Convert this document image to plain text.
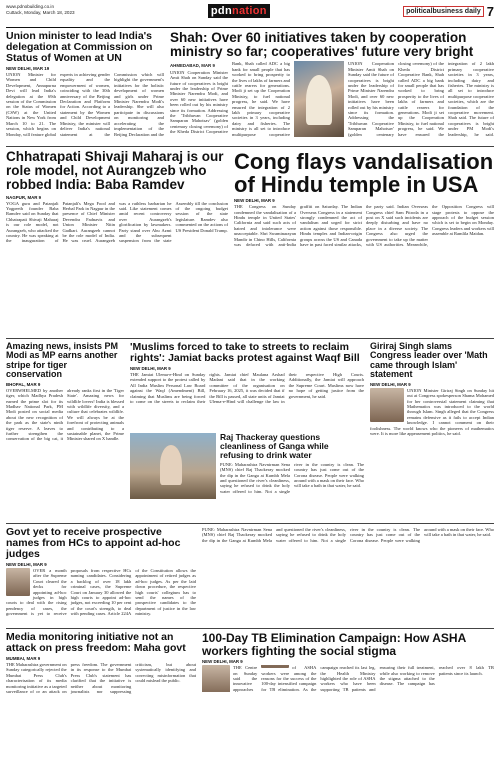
www.pdnobuilding.co.in
Cuttack, Monday, March 18, 2023	pdnnation	politicalbusiness daily 7
Union minister to lead India's delegation at Commission on Status of Women at UN
NEW DELHI, MAR 19
UNION Minister for Women and Child Development, Annapurna Devi will lead India's delegation at the 69th session of the Commission on the Status of Women (CSW) at the United Nations in New York from March 10 to 21. The session, which begins on Monday, will feature global experts in achieving gender equality and the empowerment of women, coinciding with the 30th anniversary of the Beijing Declaration and Platform for Action. According to a statement by the Women and Child Development Ministry, the minister will deliver India's national statement at the Commission which will highlight the government's initiatives for the holistic development of women and girls under Prime Minister Narendra Modi's leadership. She will also participate in discussions on monitoring and accelerating the implementation of the Beijing Declaration and the
Shah: Over 60 initiatives taken by cooperation ministry so far; cooperatives' future very bright
AHMEDABAD, MAR 9
UNION Cooperation Minister Amit Shah on Sunday said the future of cooperatives is bright under the leadership of Prime Minister Narendra Modi, and over 60 new initiatives have been rolled out by his ministry since its formation. Addressing the 'Tribhuvan Cooperative Samparan Mahotsav' (golden centenary closing ceremony) of the Kheda District Cooperative Bank, Shah called ADC a big bank for small people that has worked to bring prosperity to the lives of lakhs of farmers and cattle rearers for generations. Modi ji set up the Cooperation Ministry, to fuel national progress, he said. We have ensured the integration of 2 lakh primary cooperative societies in 3 years, including dairy and fisheries. The ministry is all set to introduce multipurpose cooperative
UNION Cooperation Minister Amit Shah on Sunday said the future of cooperatives is bright under the leadership of Prime Minister Narendra Modi, and over 60 new initiatives have been rolled out by his ministry since its formation. Addressing the 'Tribhuvan Cooperative Samparan Mahotsav' (golden centenary closing ceremony) of the Kheda District Cooperative Bank, Shah called ADC a big bank for small people that has worked to bring prosperity to the lives of lakhs of farmers and cattle rearers for generations. Modi ji set up the Cooperation Ministry, to fuel national progress, he said. We have ensured the integration of 2 lakh primary cooperative societies in 3 years, including dairy and fisheries. The ministry is all set to introduce multipurpose cooperative societies, which are the foundation of the cooperative movement. Shah said. The future of cooperatives is bright under PM Modi's leadership, he said.
Chhatrapati Shivaji Maharaj is our role model, not Aurangzeb who robbed India: Baba Ramdev
NAGPUR, MAR 9
YOGA guru and Patanjali Yogpeeth founder Baba Ramdev said on Sunday that Chhatrapati Shivaji Maharaj is our role model, not Aurangzeb, who attacked the country. He was speaking at the inauguration of Patanjali's Mega Food and Herbal Park in Nagpur in the presence of Chief Minister Devendra Fadnavis and Union Minister Nitin Gadkari. Aurangzeb cannot be the role model of India. He was cruel. Aurangzeb was a ruthless barbarian he said. Like statement comes amid recent controversy over Aurangzeb's glorification by lawmakers. Party stand over Abu Azmi and the subsequent suspension from the state Assembly till the conclusion of the ongoing budget session of the state legislature. Ramdev also commented on the actions of US President Donald Trump.
Cong flays vandalisation of Hindu temple in USA
NEW DELHI, MAR 9
THE Congress on Sunday condemned the vandalisation of a Hindu temple in United States' California and said such acts of hatred and intolerance were unacceptable. Shri Swaminarayan Mandir in Chino Hills, California was defaced with anti-India graffiti on Saturday. The Indian Overseas Congress in a statement strongly condemned the act of vandalism and urged for strict action against those responsible. Hindu temples and Indian-origin groups across the US and Canada have in past faced similar attacks, the party said. Indian Overseas Congress chief Sam Pitroda in a post on X said such incidents are deeply disturbing and have no place in a diverse society. The Congress also urged the government to take up the matter with US authorities. Meanwhile, the Opposition Congress will stage protests to oppose the approach of the budget session which is set to begin on Monday. Congress leaders and workers will assemble at Ramlila Maidan.
Amazing news, insists PM Modi as MP earns another stripe for tiger conservation
BHOPAL, MAR 9
OVERWHELMED by another tiger, which Madhya Pradesh earned the prime slot for its Madhav National Park, PM Modi posted on social media about the new recognition of the park as the state's ninth tiger reserve. A leaves to further strengthen the conservation of the big cat, it already ranks first in the 'Tiger State'. Amazing news for wildlife lovers! India is blessed with wildlife diversity, and a culture that celebrates wildlife. We will always be at the forefront of protecting animals and contributing to a sustainable planet, the Prime Minister shared on X handle.
'Muslims forced to take to streets to reclaim rights': Jamiat backs protest against Waqf Bill
NEW DELHI, MAR 9
THE Jamiat Ulema-e-Hind on Sunday extended support to the protest called by All India Muslim Personal Law Board against the Waqf (Amendment) Bill, claiming that Muslims are being forced to come on the streets to reclaim their rights. Jamiat chief Maulana Arshad Madani said that in the working committee of the organisation on February 16, 2025, it was decided that if the Bill is passed, all state units of Jamiat Ulema-e-Hind will challenge the law in their respective High Courts. Additionally, the Jamiat will approach the Supreme Court. Muslims now have no hope of getting justice from the government, he said.
Raj Thackeray questions cleanliness of Ganga while refusing to drink water
PUNE: Maharashtra Navnirman Sena (MNS) chief Raj Thackeray mocked the dip in the Ganga at Kumbh Mela and questioned the river's cleanliness, saying he refused to drink the holy water offered to him. Not a single river in the country is clean. The country has just come out of the Corona disease. People were walking around with a mask on their face. Who will take a bath in that water, he said.
Giriraj Singh slams Congress leader over 'Math came through Islam' statement
NEW DELHI, MAR 9
UNION Minister Giriraj Singh on Sunday hit out at Congress spokesperson Shama Mohamed for her controversial statement claiming that Mathematics was introduced to the world through Islam. Singh alleged that the Congress remains defensive as it fails to accept Indian knowledge. I cannot comment on their foolishness. The world knows who the pioneers of mathematics were. It is more like appeasement politics, he said.
Govt yet to receive prospective names from HCs to appoint ad-hoc judges
NEW DELHI, MAR 9
OVER a month after the Supreme Court cleared the decks for appointing ad-hoc judges in high courts to deal with the rising pendency of cases, the government is yet to receive proposals from respective HCs naming candidates. Considering a backlog of over 18 lakh criminal cases, the Supreme Court on January 30 allowed the high courts to appoint ad-hoc judges, not exceeding 10 per cent of the court's strength, to deal with pending cases. Article 224A of the Constitution allows the appointment of retired judges as ad-hoc judges. As per the laid down procedure, the respective high courts' collegium has to send the names of the prospective candidates to the department of justice in the law ministry.
PUNE: Maharashtra Navnirman Sena (MNS) chief Raj Thackeray mocked the dip in the Ganga at Kumbh Mela and questioned the river's cleanliness, saying he refused to drink the holy water offered to him. Not a single river in the country is clean. The country has just come out of the Corona disease. People were walking around with a mask on their face. Who will take a bath in that water, he said.
Media monitoring initiative not an attack on press freedom: Maha govt
MUMBAI, MAR 9
THE Maharashtra government on Sunday categorically rejected the Mumbai Press Club's characterisation of its media monitoring initiative as a targeted surveillance of or an attack on press freedom. The government in its response to the Mumbai Press Club's statement has clarified that the initiative is neither about monitoring journalists nor suppressing criticism, but about systematically identifying and correcting misinformation that could mislead the public.
100-Day TB Elimination Campaign: How ASHA workers fighting the social stigma
NEW DELHI, MAR 9
THE Centre on Sunday said the innovative approaches of ASHA workers were among the reasons for the success of the 100-day intensified campaign for TB elimination. As the campaign reached its last leg, the Health Ministry highlighted the role of ASHA workers who have been supporting TB patients and ensuring their full treatment, while also working to remove the stigma attached to the disease. The campaign has reached over 8 lakh TB patients since its launch.
